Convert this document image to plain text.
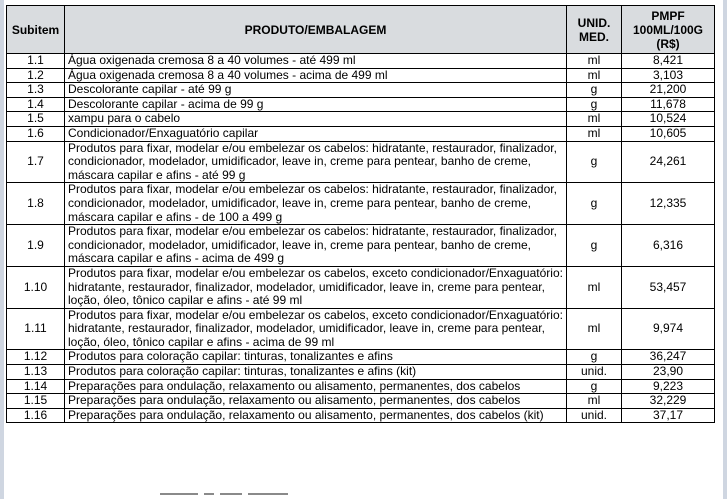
Subitem	PRODUTO/EMBALAGEM	UNID. MED.	PMPF 100ML/100G (R$)
1.1	Água oxigenada cremosa 8 a 40 volumes - até 499 ml	ml	8,421
1.2	Água oxigenada cremosa 8 a 40 volumes - acima de 499 ml	ml	3,103
1.3	Descolorante capilar - até 99 g	g	21,200
1.4	Descolorante capilar - acima de 99 g	g	11,678
1.5	xampu para o cabelo	ml	10,524
1.6	Condicionador/Enxaguatório capilar	ml	10,605
1.7	Produtos para fixar, modelar e/ou embelezar os cabelos: hidratante, restaurador, finalizador, condicionador, modelador, umidificador, leave in, creme para pentear, banho de creme, máscara capilar e afins - até 99 g	g	24,261
1.8	Produtos para fixar, modelar e/ou embelezar os cabelos: hidratante, restaurador, finalizador, condicionador, modelador, umidificador, leave in, creme para pentear, banho de creme, máscara capilar e afins - de 100 a 499 g	g	12,335
1.9	Produtos para fixar, modelar e/ou embelezar os cabelos: hidratante, restaurador, finalizador, condicionador, modelador, umidificador, leave in, creme para pentear, banho de creme, máscara capilar e afins - acima de 499 g	g	6,316
1.10	Produtos para fixar, modelar e/ou embelezar os cabelos, exceto condicionador/Enxaguatório: hidratante, restaurador, finalizador, modelador, umidificador, leave in, creme para pentear, loção, óleo, tônico capilar e afins - até 99 ml	ml	53,457
1.11	Produtos para fixar, modelar e/ou embelezar os cabelos, exceto condicionador/Enxaguatório: hidratante, restaurador, finalizador, modelador, umidificador, leave in, creme para pentear, loção, óleo, tônico capilar e afins - acima de 99 ml	ml	9,974
1.12	Produtos para coloração capilar: tinturas, tonalizantes e afins	g	36,247
1.13	Produtos para coloração capilar: tinturas, tonalizantes e afins (kit)	unid.	23,90
1.14	Preparações para ondulação, relaxamento ou alisamento, permanentes, dos cabelos	g	9,223
1.15	Preparações para ondulação, relaxamento ou alisamento, permanentes, dos cabelos	ml	32,229
1.16	Preparações para ondulação, relaxamento ou alisamento, permanentes, dos cabelos (kit)	unid.	37,17
